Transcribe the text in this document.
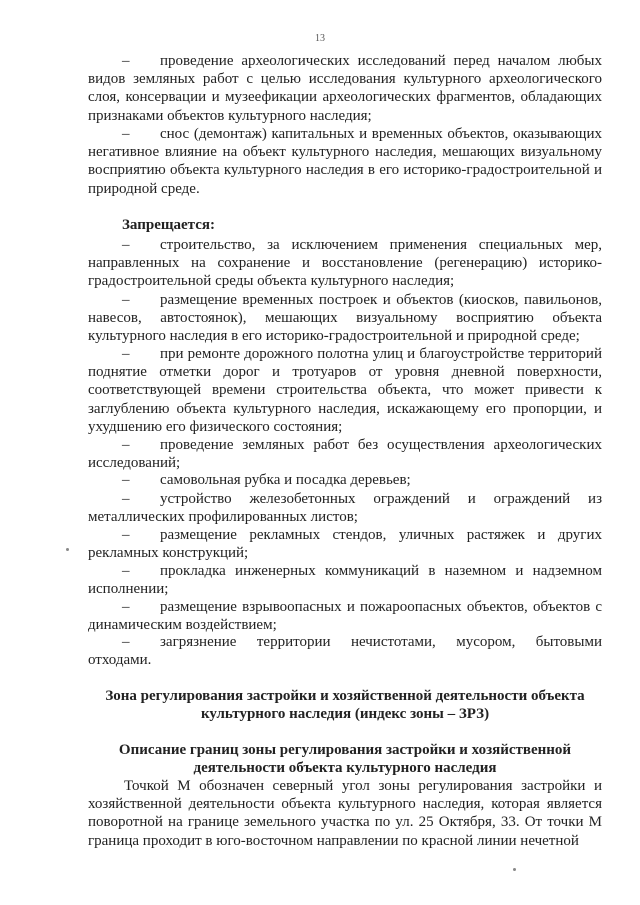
13

– проведение археологических исследований перед началом любых видов земляных работ с целью исследования культурного археологического слоя, консервации и музеефикации археологических фрагментов, обладающих признаками объектов культурного наследия;

– снос (демонтаж) капитальных и временных объектов, оказывающих негативное влияние на объект культурного наследия, мешающих визуальному восприятию объекта культурного наследия в его историко-градостроительной и природной среде.

Запрещается:

– строительство, за исключением применения специальных мер, направленных на сохранение и восстановление (регенерацию) историко-градостроительной среды объекта культурного наследия;

– размещение временных построек и объектов (киосков, павильонов, навесов, автостоянок), мешающих визуальному восприятию объекта культурного наследия в его историко-градостроительной и природной среде;

– при ремонте дорожного полотна улиц и благоустройстве территорий поднятие отметки дорог и тротуаров от уровня дневной поверхности, соответствующей времени строительства объекта, что может привести к заглублению объекта культурного наследия, искажающему его пропорции, и ухудшению его физического состояния;

– проведение земляных работ без осуществления археологических исследований;

– самовольная рубка и посадка деревьев;

– устройство железобетонных ограждений и ограждений из металлических профилированных листов;

– размещение рекламных стендов, уличных растяжек и других рекламных конструкций;

– прокладка инженерных коммуникаций в наземном и надземном исполнении;

– размещение взрывоопасных и пожароопасных объектов, объектов с динамическим воздействием;

– загрязнение территории нечистотами, мусором, бытовыми отходами.

Зона регулирования застройки и хозяйственной деятельности объекта

культурного наследия (индекс зоны – ЗРЗ)

Описание границ зоны регулирования застройки и хозяйственной

деятельности объекта культурного наследия

Точкой М обозначен северный угол зоны регулирования застройки и хозяйственной деятельности объекта культурного наследия, которая является поворотной на границе земельного участка по ул. 25 Октября, 33. От точки М граница проходит в юго-восточном направлении по красной линии нечетной
